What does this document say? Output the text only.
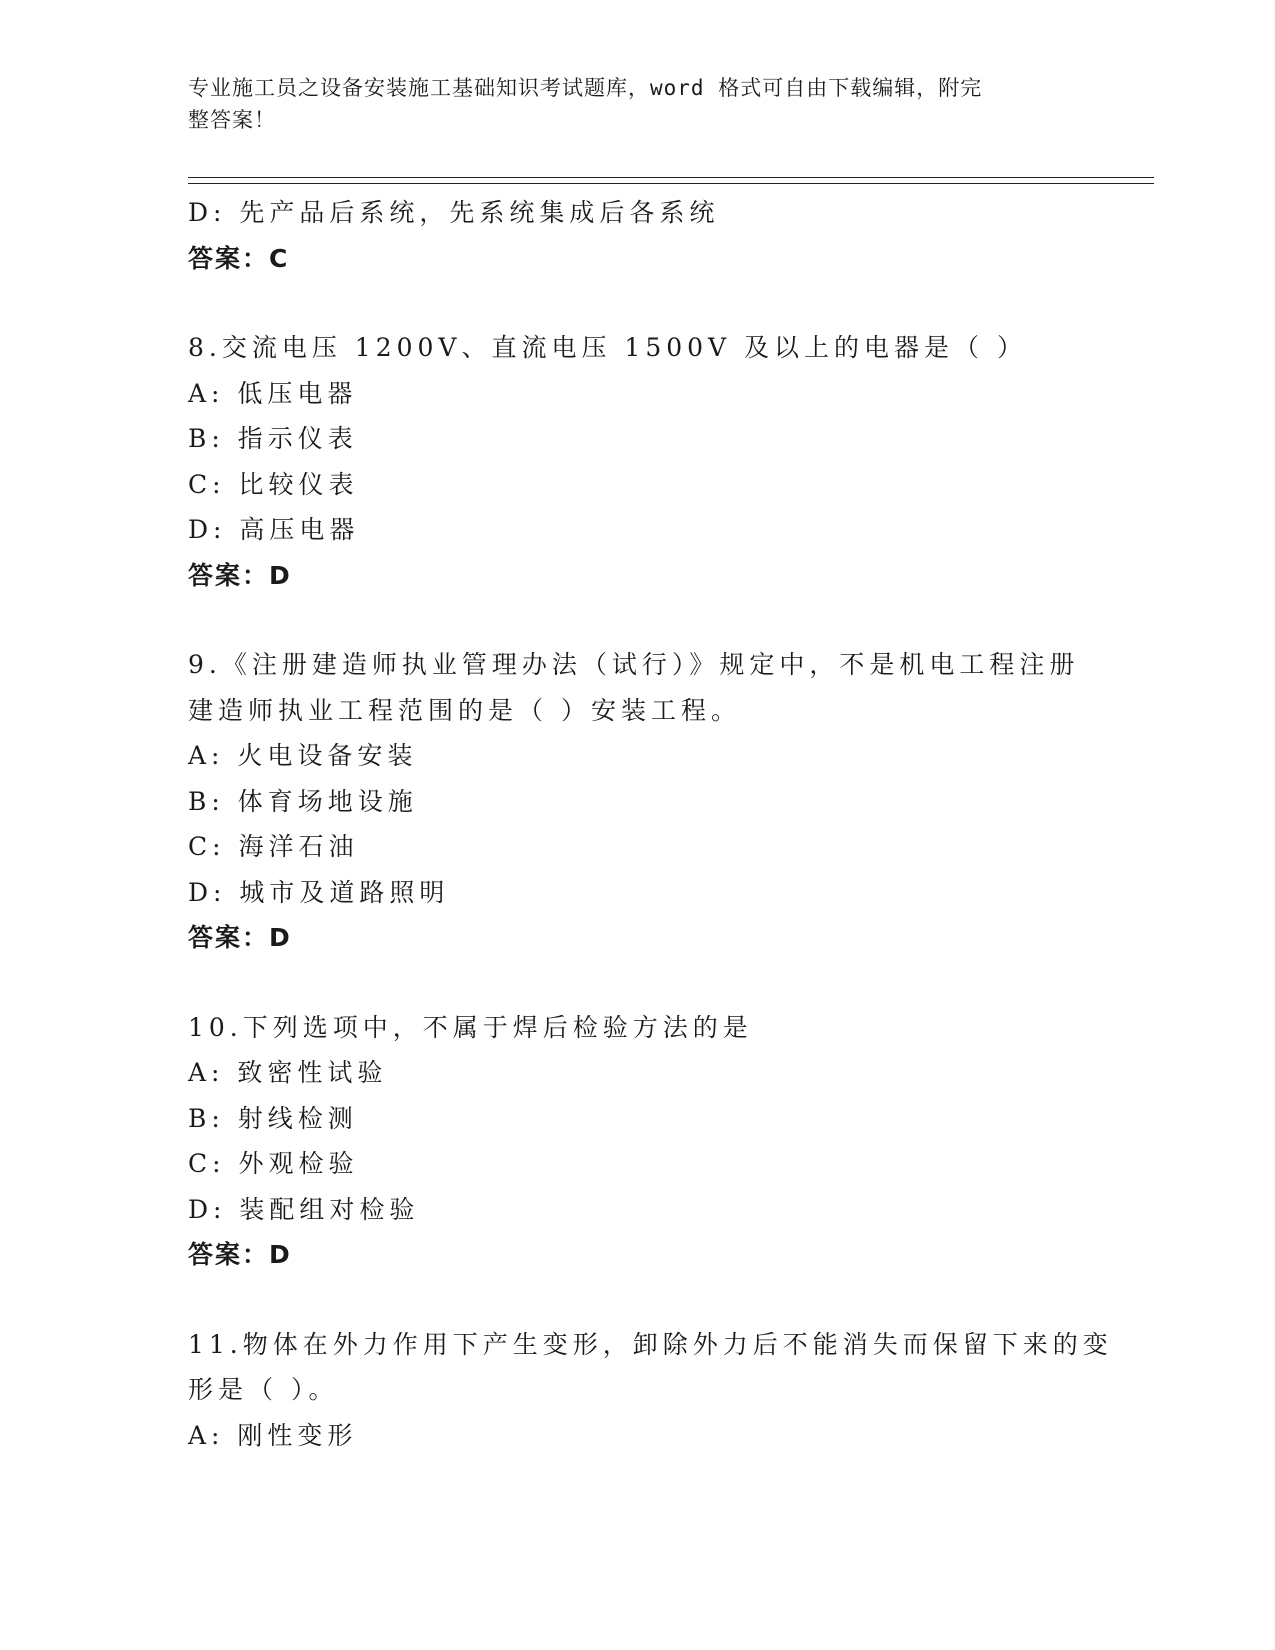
专业施工员之设备安装施工基础知识考试题库，word 格式可自由下载编辑，附完
整答案！
D: 先产品后系统，先系统集成后各系统
答案：C
8.交流电压 1200V、直流电压 1500V 及以上的电器是（ ）
A: 低压电器
B: 指示仪表
C: 比较仪表
D: 高压电器
答案：D
9.《注册建造师执业管理办法（试行）》规定中，不是机电工程注册
建造师执业工程范围的是（ ）安装工程。
A: 火电设备安装
B: 体育场地设施
C: 海洋石油
D: 城市及道路照明
答案：D
10.下列选项中，不属于焊后检验方法的是
A: 致密性试验
B: 射线检测
C: 外观检验
D: 装配组对检验
答案：D
11.物体在外力作用下产生变形，卸除外力后不能消失而保留下来的变
形是（ ）。
A: 刚性变形
